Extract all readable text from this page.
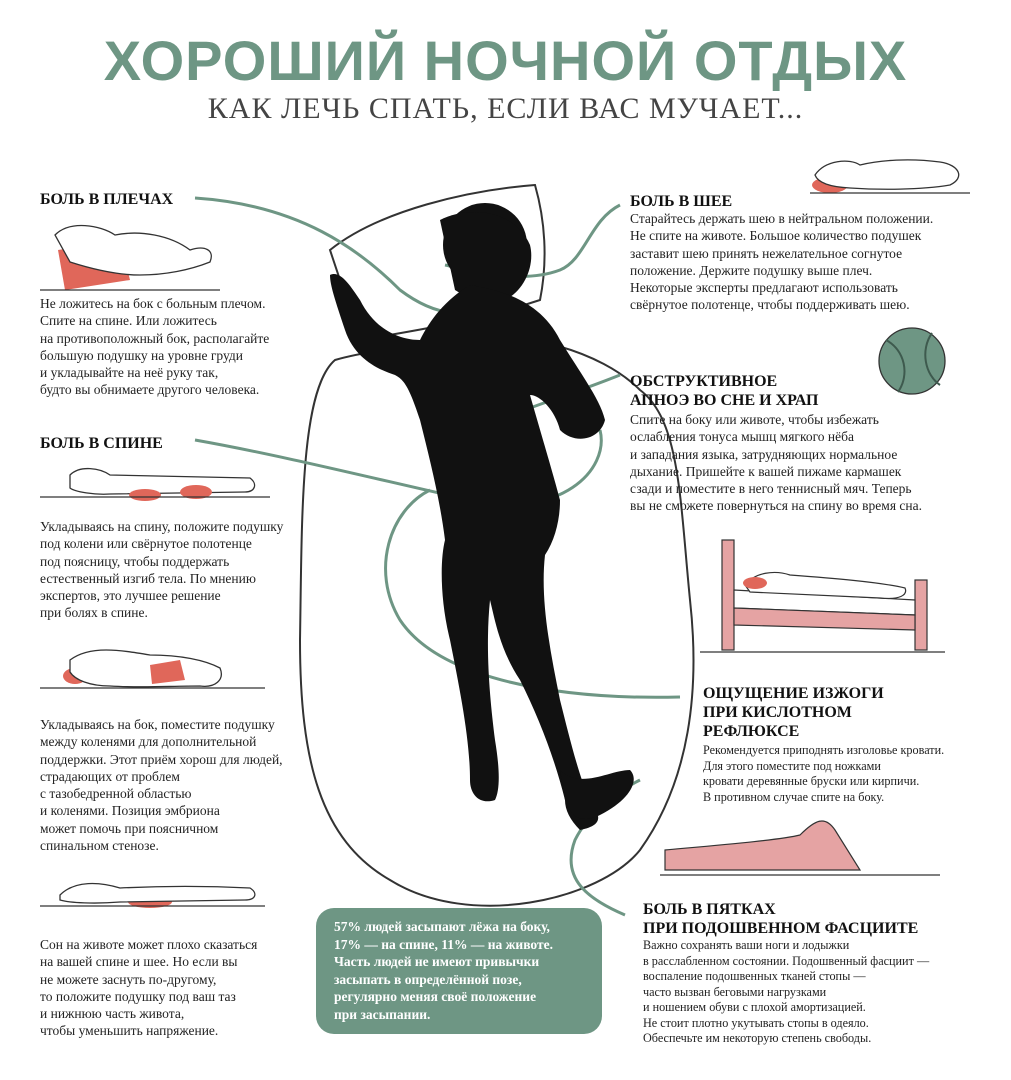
ХОРОШИЙ НОЧНОЙ ОТДЫХ
КАК ЛЕЧЬ СПАТЬ, ЕСЛИ ВАС МУЧАЕТ...
БОЛЬ В ПЛЕЧАХ
Не ложитесь на бок с больным плечом.
Спите на спине. Или ложитесь
на противоположный бок, располагайте
большую подушку на уровне груди
и укладывайте на неё руку так,
будто вы обнимаете другого человека.
БОЛЬ В СПИНЕ
Укладываясь на спину, положите подушку
под колени или свёрнутое полотенце
под поясницу, чтобы поддержать
естественный изгиб тела. По мнению
экспертов, это лучшее решение
при болях в спине.
Укладываясь на бок, поместите подушку
между коленями для дополнительной
поддержки. Этот приём хорош для людей,
страдающих от проблем
с тазобедренной областью
и коленями. Позиция эмбриона
может помочь при поясничном
спинальном стенозе.
Сон на животе может плохо сказаться
на вашей спине и шее. Но если вы
не можете заснуть по-другому,
то положите подушку под ваш таз
и нижнюю часть живота,
чтобы уменьшить напряжение.
БОЛЬ В ШЕЕ
Старайтесь держать шею в нейтральном положении.
Не спите на животе. Большое количество подушек
заставит шею принять нежелательное согнутое
положение. Держите подушку выше плеч.
Некоторые эксперты предлагают использовать
свёрнутое полотенце, чтобы поддерживать шею.
ОБСТРУКТИВНОЕ
АПНОЭ ВО СНЕ И ХРАП
Спите на боку или животе, чтобы избежать
ослабления тонуса мышц мягкого нёба
и западания языка, затрудняющих нормальное
дыхание. Пришейте к вашей пижаме кармашек
сзади и поместите в него теннисный мяч. Теперь
вы не сможете повернуться на спину во время сна.
ОЩУЩЕНИЕ ИЗЖОГИ
ПРИ КИСЛОТНОМ
РЕФЛЮКСЕ
Рекомендуется приподнять изголовье кровати.
Для этого поместите под ножками
кровати деревянные бруски или кирпичи.
В противном случае спите на боку.
БОЛЬ В ПЯТКАХ
ПРИ ПОДОШВЕННОМ ФАСЦИИТЕ
Важно сохранять ваши ноги и лодыжки
в расслабленном состоянии. Подошвенный фасциит —
воспаление подошвенных тканей стопы —
часто вызван беговыми нагрузками
и ношением обуви с плохой амортизацией.
Не стоит плотно укутывать стопы в одеяло.
Обеспечьте им некоторую степень свободы.
57% людей засыпают лёжа на боку,
17% — на спине, 11% — на животе.
Часть людей не имеют привычки
засыпать в определённой позе,
регулярно меняя своё положение
при засыпании.
